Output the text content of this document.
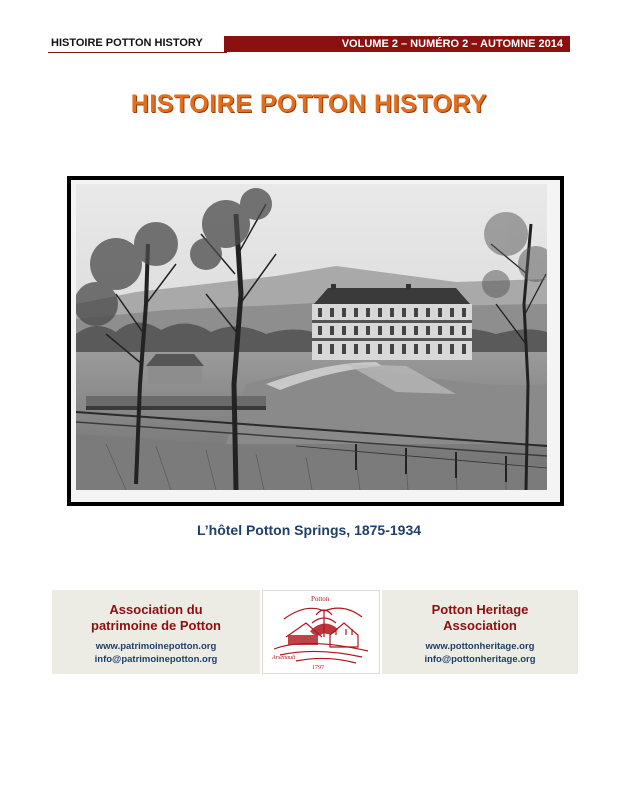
HISTOIRE POTTON HISTORY	VOLUME 2 – NUMÉRO 2 – AUTOMNE 2014
HISTOIRE POTTON HISTORY
L’hôtel Potton Springs, 1875-1934
Association du
patrimoine de Potton
www.patrimoinepotton.org
info@patrimoinepotton.org
Potton
Arsenault
1797
Potton Heritage
Association
www.pottonheritage.org
info@pottonheritage.org
